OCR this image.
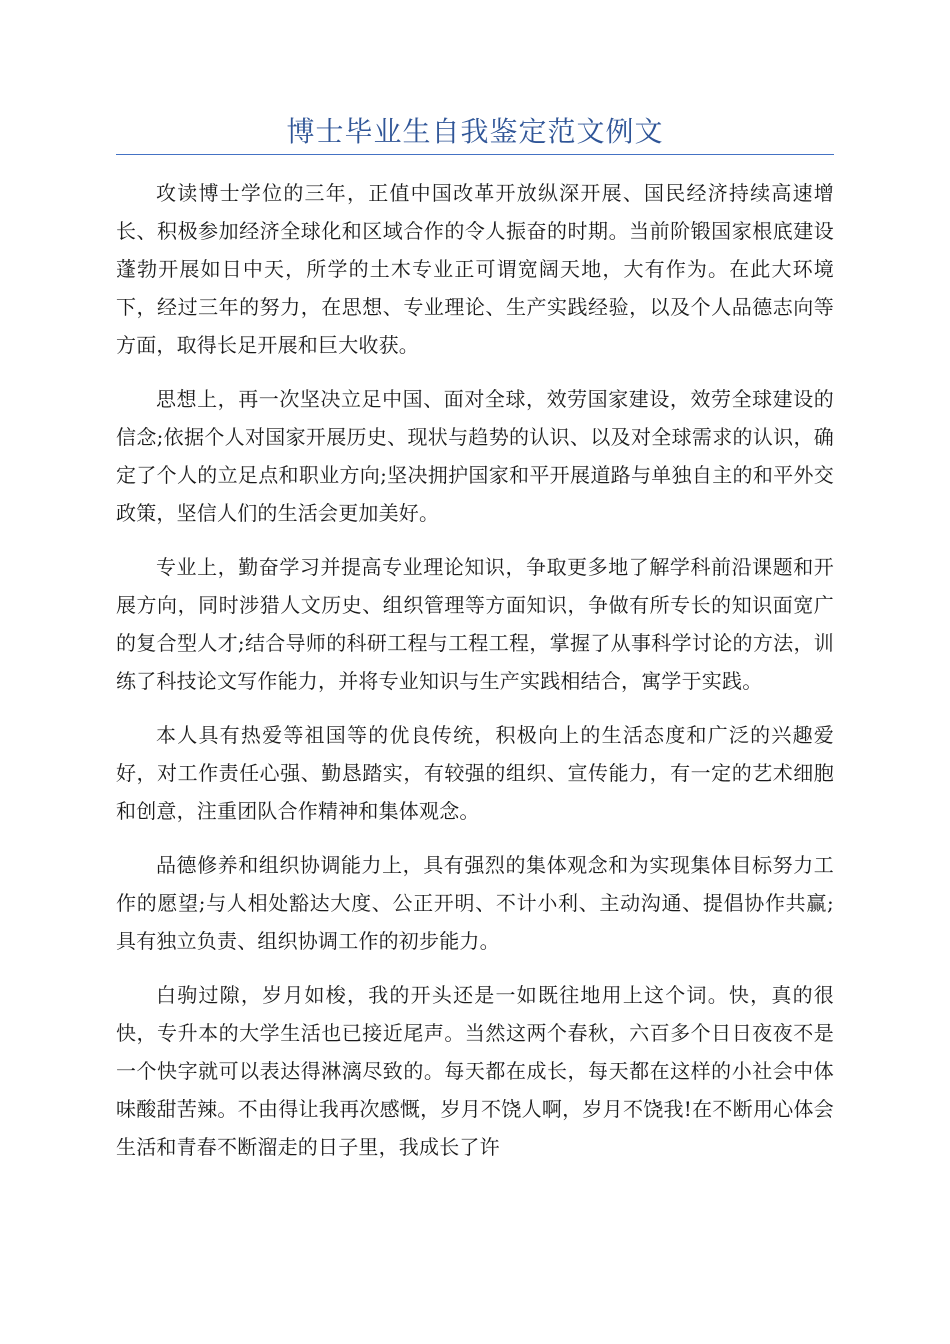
博士毕业生自我鉴定范文例文

攻读博士学位的三年，正值中国改革开放纵深开展、国民经济持续高速增长、积极参加经济全球化和区域合作的令人振奋的时期。当前阶锻国家根底建设蓬勃开展如日中天，所学的土木专业正可谓宽阔天地，大有作为。在此大环境下，经过三年的努力，在思想、专业理论、生产实践经验，以及个人品德志向等方面，取得长足开展和巨大收获。

思想上，再一次坚决立足中国、面对全球，效劳国家建设，效劳全球建设的信念;依据个人对国家开展历史、现状与趋势的认识、以及对全球需求的认识，确定了个人的立足点和职业方向;坚决拥护国家和平开展道路与单独自主的和平外交政策，坚信人们的生活会更加美好。

专业上，勤奋学习并提高专业理论知识，争取更多地了解学科前沿课题和开展方向，同时涉猎人文历史、组织管理等方面知识，争做有所专长的知识面宽广的复合型人才;结合导师的科研工程与工程工程，掌握了从事科学讨论的方法，训练了科技论文写作能力，并将专业知识与生产实践相结合，寓学于实践。

本人具有热爱等祖国等的优良传统，积极向上的生活态度和广泛的兴趣爱好，对工作责任心强、勤恳踏实，有较强的组织、宣传能力，有一定的艺术细胞和创意，注重团队合作精神和集体观念。

品德修养和组织协调能力上，具有强烈的集体观念和为实现集体目标努力工作的愿望;与人相处豁达大度、公正开明、不计小利、主动沟通、提倡协作共赢;具有独立负责、组织协调工作的初步能力。

白驹过隙，岁月如梭，我的开头还是一如既往地用上这个词。快，真的很快，专升本的大学生活也已接近尾声。当然这两个春秋，六百多个日日夜夜不是一个快字就可以表达得淋漓尽致的。每天都在成长，每天都在这样的小社会中体味酸甜苦辣。不由得让我再次感慨，岁月不饶人啊，岁月不饶我!在不断用心体会生活和青春不断溜走的日子里，我成长了许
